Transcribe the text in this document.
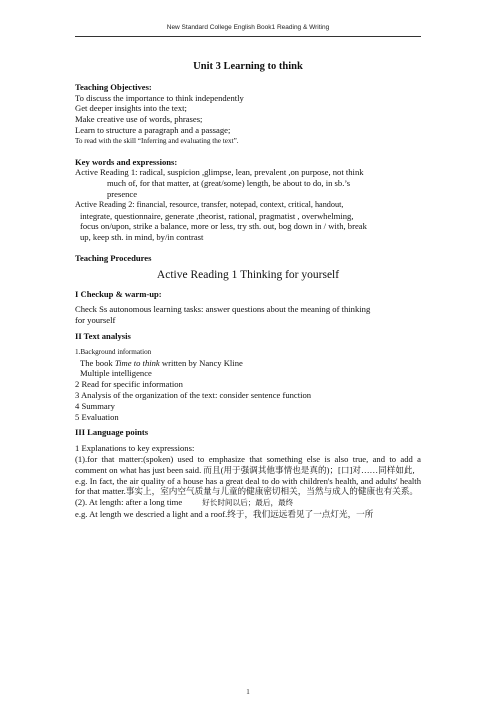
New Standard College English Book1 Reading & Writing
Unit 3 Learning to think
Teaching Objectives:
To discuss the importance to think independently
Get deeper insights into the text;
Make creative use of words, phrases;
Learn to structure a paragraph and a passage;
To read with the skill “Inferring and evaluating the text”.
Key words and expressions:
Active Reading 1: radical, suspicion ,glimpse, lean, prevalent ,on purpose, not think
much of, for that matter, at (great/some) length, be about to do, in sb.’s
presence
Active Reading 2: financial, resource, transfer, notepad, context, critical, handout,
integrate, questionnaire, generate ,theorist, rational, pragmatist , overwhelming,
focus on/upon, strike a balance, more or less, try sth. out, bog down in / with, break
up, keep sth. in mind, by/in contrast
Teaching Procedures
Active Reading 1 Thinking for yourself
I Checkup & warm-up:
Check Ss autonomous learning tasks: answer questions about the meaning of thinking
for yourself
II Text analysis
1.Background information
The book Time to think written by Nancy Kline
Multiple intelligence
2 Read for specific information
3 Analysis of the organization of the text: consider sentence function
4 Summary
5 Evaluation
III Language points
1 Explanations to key expressions:
(1).for that matter:(spoken) used to emphasize that something else is also true, and to add a comment on what has just been said. 而且(用于强调其他事情也是真的)；[口]对……同样如此,
e.g. In fact, the air quality of a house has a great deal to do with children's health, and adults' health for that matter.事实上，室内空气质量与儿童的健康密切相关，当然与成人的健康也有关系。
(2). At length: after a long time	好长时间以后；最后，最终
e.g. At length we descried a light and a roof.终于，我们远远看见了一点灯光，一所
1
